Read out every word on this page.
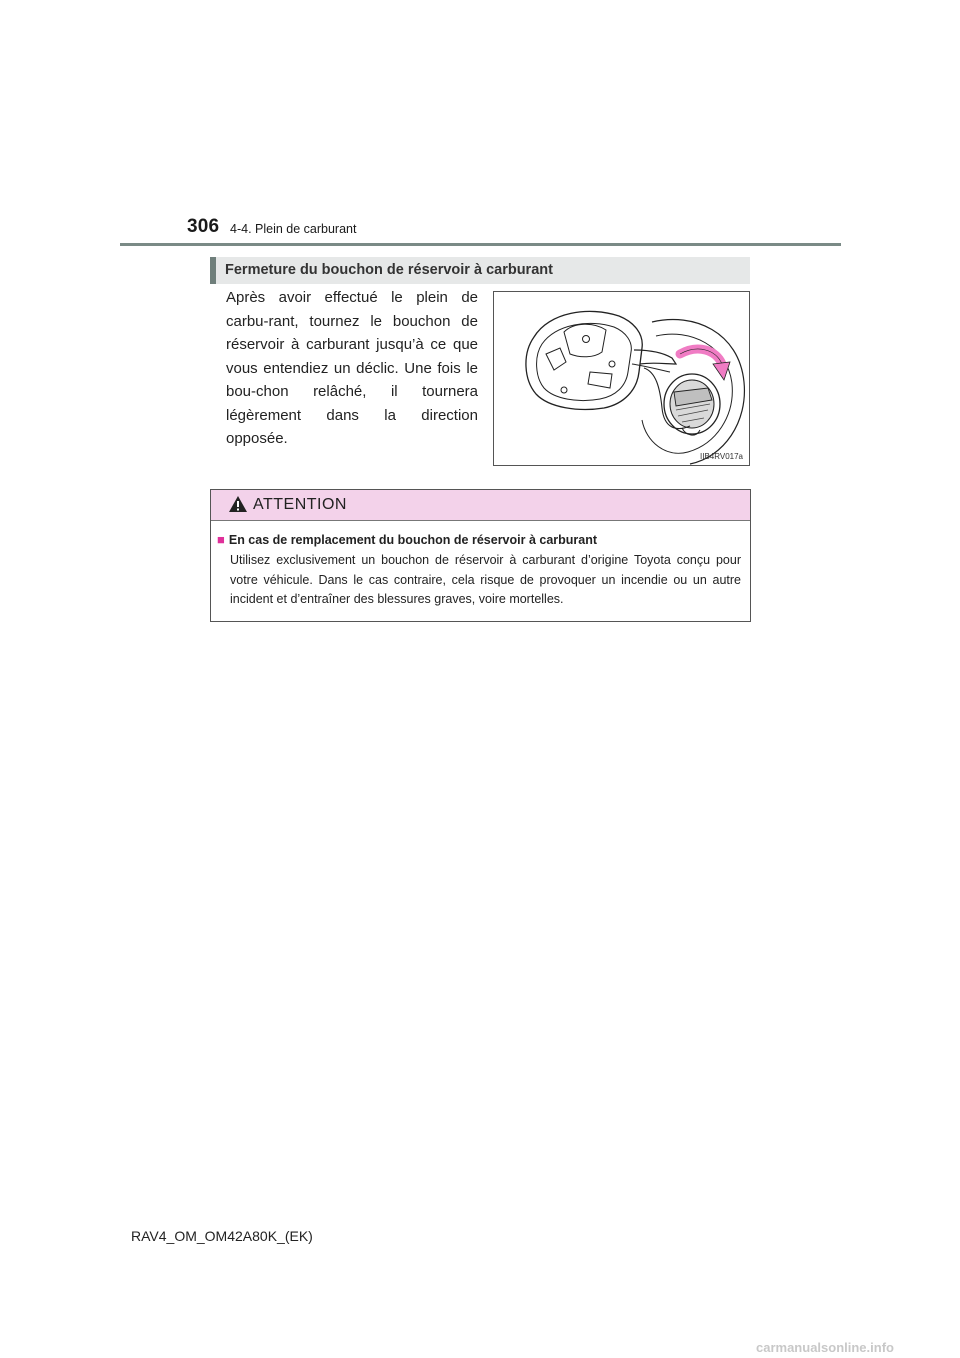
306 4-4. Plein de carburant
Fermeture du bouchon de réservoir à carburant
Après avoir effectué le plein de carbu-rant, tournez le bouchon de réservoir à carburant jusqu’à ce que vous entendiez un déclic. Une fois le bou-chon relâché, il tournera légèrement dans la direction opposée.
IIB4RV017a
ATTENTION
■ En cas de remplacement du bouchon de réservoir à carburant
Utilisez exclusivement un bouchon de réservoir à carburant d’origine Toyota conçu pour votre véhicule. Dans le cas contraire, cela risque de provoquer un incendie ou un autre incident et d’entraîner des blessures graves, voire mortelles.
RAV4_OM_OM42A80K_(EK)
carmanualsonline.info
